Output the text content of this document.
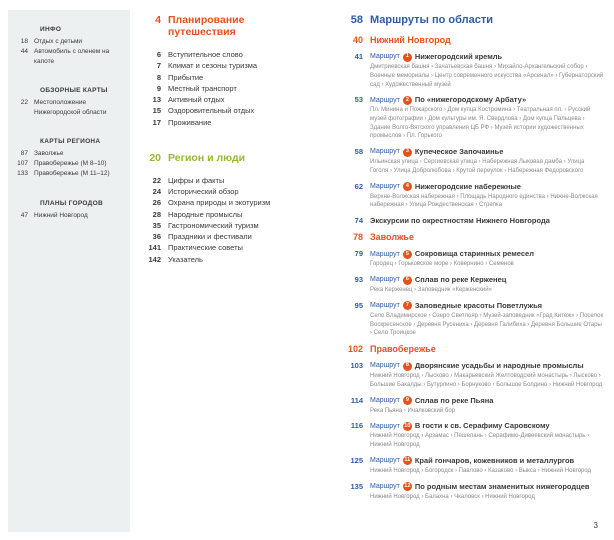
ИНФО
18 Отдых с детьми
44 Автомобиль с оленем на капоте
ОБЗОРНЫЕ КАРТЫ
22 Местоположение Нижегородской области
КАРТЫ РЕГИОНА
87 Заволжье
107 Правобережье (М 8–10)
133 Правобережье (М 11–12)
ПЛАНЫ ГОРОДОВ
47 Нижний Новгород
4 Планирование путешествия
6 Вступительное слово
7 Климат и сезоны туризма
8 Прибытие
9 Местный транспорт
13 Активный отдых
15 Оздоровительный отдых
17 Проживание
20 Регион и люди
22 Цифры и факты
24 Исторический обзор
26 Охрана природы и экотуризм
28 Народные промыслы
35 Гастрономический туризм
36 Праздники и фестивали
141 Практические советы
142 Указатель
58 Маршруты по области
40 Нижний Новгород
41	Маршрут	1 Нижегородский кремль
Дмитриевская башня › Зачатьевская башня › Михайло-Архангельский собор › Военные мемориалы › Центр современного искусства «Арсенал» › Губернаторский сад › Художественный музей
53	Маршрут	2 По «нижегородскому Арбату»
Пл. Минина и Пожарского › Дом купца Костромина › Театральная пл. › Русский музей фотографии › Дом культуры им. Я. Свердлова › Дом купца Пальцева › Здание Волго-Вятского управления ЦБ РФ › Музей истории художественных промыслов › Пл. Горького
58	Маршрут	3 Купеческое Започаинье
Ильинская улица › Сергиевская улица › Набережная Лыковая дамба › Улица Гоголя › Улица Добролюбова › Крутой переулок › Набережная Федоровского
62	Маршрут	4 Нижегородские набережные
Верхне-Волжская набережная › Площадь Народного единства › Нижне-Волжская набережная › Улица Рождественская › Стрелка
74 Экскурсии по окрестностям Нижнего Новгорода
78 Заволжье
79	Маршрут	5 Сокровища старинных ремесел
Городец › Горьковское море › Ковернино › Семенов
93	Маршрут	6 Сплав по реке Керженец
Река Керженец › Заповедник «Керженский»
95	Маршрут	7 Заповедные красоты Поветлужья
Село Владимирское › Озеро Светлояр › Музей-заповедник «Град Китеж» › Поселок Воскресенское › Деревня Русениха › Деревня Галибиха › Деревня Большие Отары › Село Троицкое
102 Правобережье
103	Маршрут	8 Дворянские усадьбы и народные промыслы
Нижний Новгород › Лысково › Макарьевский Желтоводский монастырь › Лысково › Большие Бакалды › Бутурлино › Борнуково › Большое Болдино › Нижний Новгород
114	Маршрут	9 Сплав по реке Пьяна
Река Пьяна › Ичалковский бор
116	Маршрут 10 В гости к св. Серафиму Саровскому
Нижний Новгород › Арзамас › Пешелань › Серафимо-Дивеевский монастырь › Нижний Новгород
125	Маршрут 11 Край гончаров, кожевников и металлургов
Нижний Новгород › Богородск › Павлово › Казаково › Выкса › Нижний Новгород
135	Маршрут 12 По родным местам знаменитых нижегородцев
Нижний Новгород › Балахна › Чкаловск › Нижний Новгород
3
